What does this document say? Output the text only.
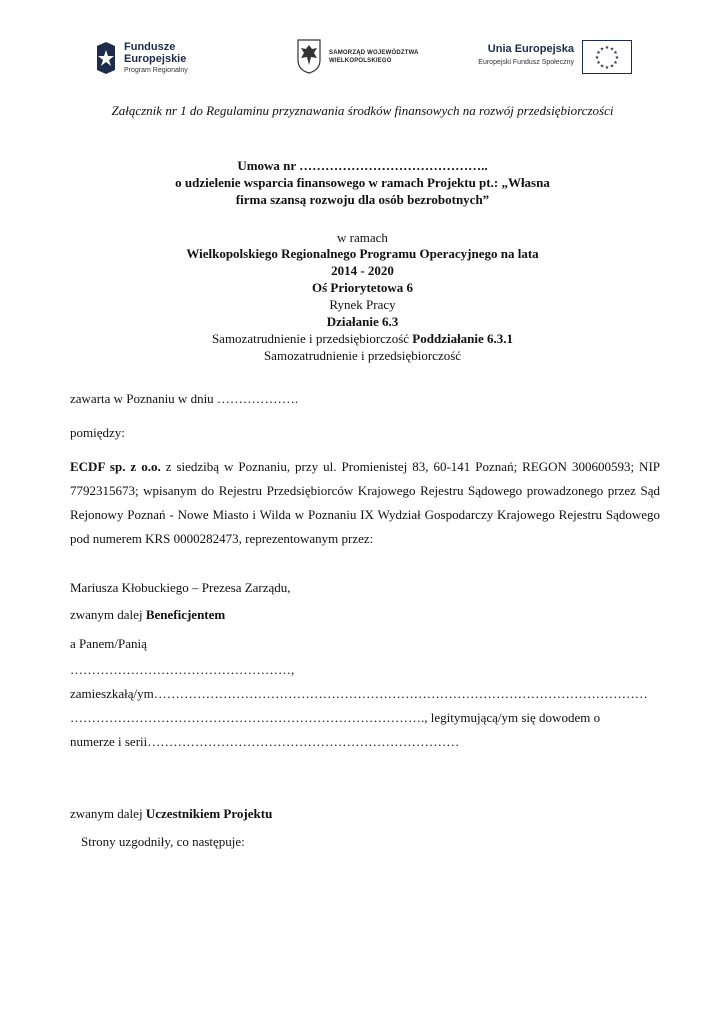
Fundusze
Europejskie
Program Regionalny
SAMORZĄD WOJEWÓDZTWA
WIELKOPOLSKIEGO
Unia Europejska
Europejski Fundusz Społeczny
★ ★
★
★
★
★
★
★
★
★
★
★
Załącznik nr 1 do Regulaminu przyznawania środków finansowych na rozwój przedsiębiorczości
Umowa nr ……………………………………..
o udzielenie wsparcia finansowego w ramach Projektu pt.: „Własna firma szansą rozwoju dla osób bezrobotnych”
w ramach
Wielkopolskiego Regionalnego Programu Operacyjnego na lata
2014 - 2020
Oś Priorytetowa 6
Rynek Pracy
Działanie 6.3
Samozatrudnienie i przedsiębiorczość Poddziałanie 6.3.1
Samozatrudnienie i przedsiębiorczość
zawarta w Poznaniu w dniu ……………….
pomiędzy:
ECDF sp. z o.o. z siedzibą w Poznaniu, przy ul. Promienistej 83, 60-141 Poznań; REGON 300600593; NIP 7792315673; wpisanym do Rejestru Przedsiębiorców Krajowego Rejestru Sądowego prowadzonego przez Sąd Rejonowy Poznań - Nowe Miasto i Wilda w Poznaniu IX Wydział Gospodarczy Krajowego Rejestru Sądowego pod numerem KRS 0000282473, reprezentowanym przez:
Mariusza Kłobuckiego – Prezesa Zarządu,
zwanym dalej Beneficjentem
a Panem/Panią
……………………………………………,
zamieszkałą/ym……………………………………………………………………………………………………
………………………………………………………………………., legitymującą/ym się dowodem o
numerze i serii………………………………………………………………
zwanym dalej Uczestnikiem Projektu
Strony uzgodniły, co następuje:
